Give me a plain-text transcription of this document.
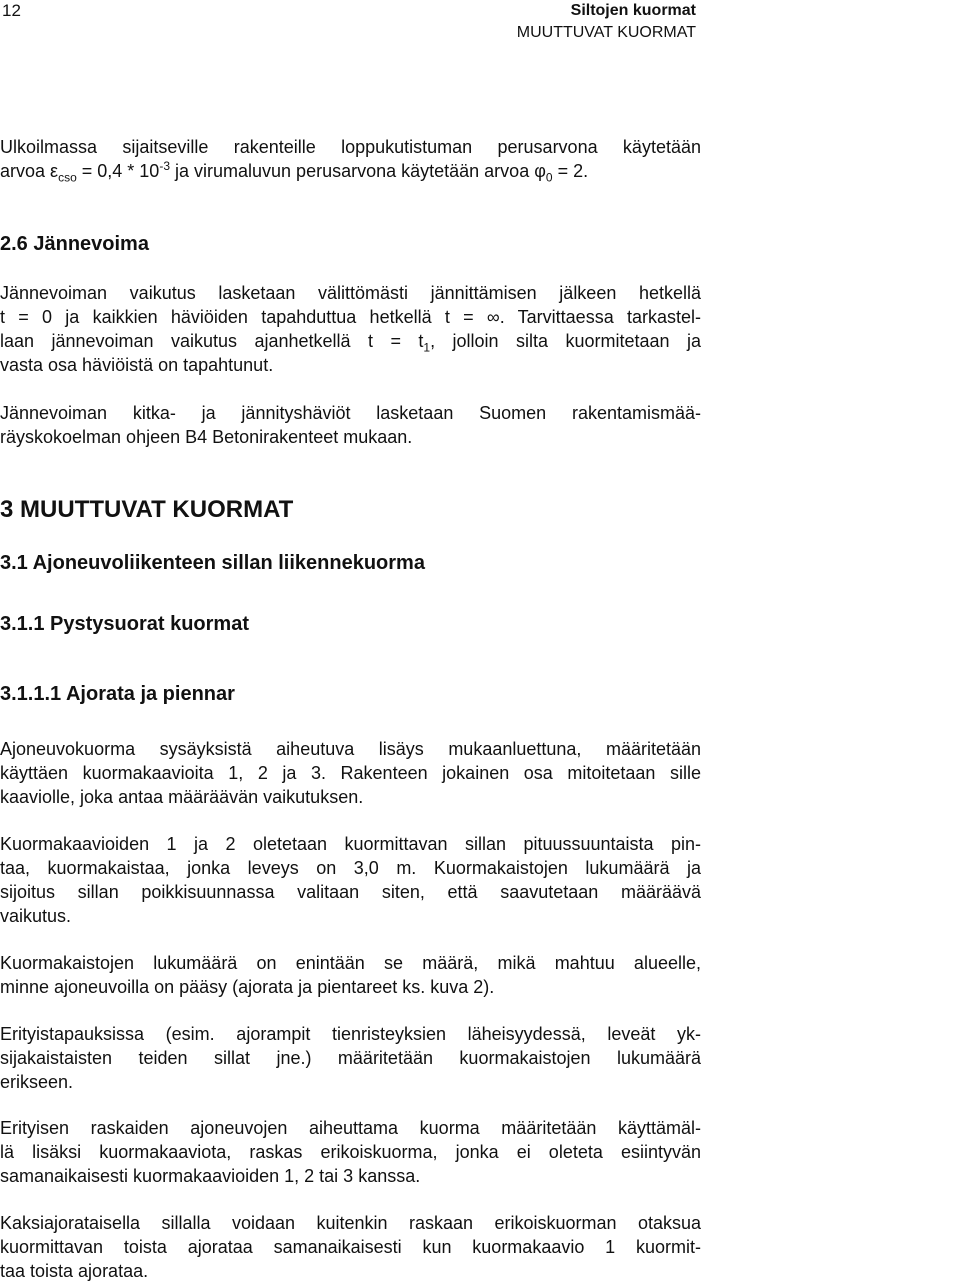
12	Siltojen kuormat
MUUTTUVAT KUORMAT
Ulkoilmassa sijaitseville rakenteille loppukutistuman perusarvona käytetään
arvoa $\varepsilon_{cso} = 0,4 * 10^{-3}$ ja virumaluvun perusarvona käytetään arvoa $\varphi_0 = 2$.
2.6 Jännevoima
Jännevoiman vaikutus lasketaan välittömästi jännittämisen jälkeen hetkellä
t = 0 ja kaikkien häviöiden tapahduttua hetkellä t = ∞. Tarvittaessa tarkastel-
laan jännevoiman vaikutus ajanhetkellä $t = t_1$, jolloin silta kuormitetaan ja
vasta osa häviöistä on tapahtunut.
Jännevoiman kitka- ja jännityshäviöt lasketaan Suomen rakentamismää-
räyskokoelman ohjeen B4 Betonirakenteet mukaan.
3 MUUTTUVAT KUORMAT
3.1 Ajoneuvoliikenteen sillan liikennekuorma
3.1.1 Pystysuorat kuormat
3.1.1.1 Ajorata ja piennar
Ajoneuvokuorma sysäyksistä aiheutuva lisäys mukaanluettuna, määritetään
käyttäen kuormakaavioita 1, 2 ja 3. Rakenteen jokainen osa mitoitetaan sille
kaaviolle, joka antaa määräävän vaikutuksen.
Kuormakaavioiden 1 ja 2 oletetaan kuormittavan sillan pituussuuntaista pin-
taa, kuormakaistaa, jonka leveys on 3,0 m. Kuormakaistojen lukumäärä ja
sijoitus sillan poikkisuunnassa valitaan siten, että saavutetaan määräävä
vaikutus.
Kuormakaistojen lukumäärä on enintään se määrä, mikä mahtuu alueelle,
minne ajoneuvoilla on pääsy (ajorata ja pientareet ks. kuva 2).
Erityistapauksissa (esim. ajorampit tienristeyksien läheisyydessä, leveät yk-
sijakaistaisten teiden sillat jne.) määritetään kuormakaistojen lukumäärä
erikseen.
Erityisen raskaiden ajoneuvojen aiheuttama kuorma määritetään käyttämäl-
lä lisäksi kuormakaaviota, raskas erikoiskuorma, jonka ei oleteta esiintyvän
samanaikaisesti kuormakaavioiden 1, 2 tai 3 kanssa.
Kaksiajorataisella sillalla voidaan kuitenkin raskaan erikoiskuorman otaksua
kuormittavan toista ajorataa samanaikaisesti kun kuormakaavio 1 kuormit-
taa toista ajorataa.
